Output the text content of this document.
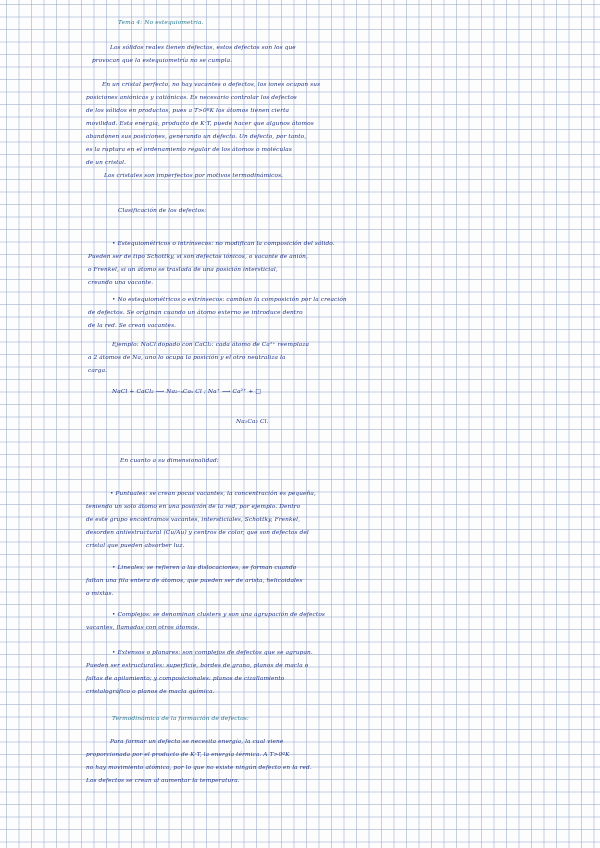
Tema 4: No estequiometria.
Los sólidos reales tienen defectos, estos defectos son los que
provocan que la estequiometría no se cumpla.
En un cristal perfecto, no hay vacantes o defectos, los iones ocupan sus
posiciones aniónicas y catiónicas. Es necesario controlar los defectos
de los sólidos en productos, pues a T>0ºK los átomos tienen cierta
movilidad. Esta energía, producto de K·T, puede hacer que algunos átomos
abandonen sus posiciones, generando un defecto. Un defecto, por tanto,
es la ruptura en el ordenamiento regular de los átomos o moléculas
de un cristal.
Los cristales son imperfectos por motivos termodinámicos.
Clasificación de los defectos:
• Estequiométricos o intrínsecos: no modifican la composición del sólido.
Pueden ser de tipo Schottky, si son defectos iónicos, o vacante de anión,
o Frenkel, si un átomo se traslada de una posición intersticial,
creando una vacante.
• No estequiométricos o extrínsecos: cambian la composición por la creación
de defectos. Se originan cuando un átomo externo se introduce dentro
de la red. Se crean vacantes.
Ejemplo: NaCl dopado con CaCl₂: cada átomo de Ca²⁺ reemplaza
a 2 átomos de Na, uno lo ocupa la posición y el otro neutraliza la
carga.
NaCl + CaCl₂ ⟶ Na₂₋ₓCaₓ Cl ; Na⁺ ⟶ Ca²⁺ + □
Na₁Ca₂ Cl.
En cuanto a su dimensionalidad:
• Puntuales: se crean pocas vacantes, la concentración es pequeña,
teniendo un solo átomo en una posición de la red, por ejemplo. Dentro
de este grupo encontramos vacantes, intersticiales, Schottky, Frenkel,
desorden antiestructural (Cu/Au) y centros de color, que son defectos del
cristal que pueden absorber luz.
• Lineales: se refieren a las dislocaciones, se forman cuando
faltan una fila entera de átomos, que pueden ser de arista, helicoidales
o mixtas.
• Complejos: se denominan clusters y son una agrupación de defectos
vacantes, llamadas con otros átomos.
• Extensos o planares: son complejos de defectos que se agrupan.
Pueden ser estructurales: superficie, bordes de grano, planos de macla o
faltas de apilamiento; y composicionales: planos de cizallamiento
cristalográfico o planos de macla química.
Termodinámica de la formación de defectos:
Para formar un defecto se necesita energía, la cual viene
proporcionada por el producto de K·T, la energía térmica. A T>0ºK
no hay movimiento atómico, por lo que no existe ningún defecto en la red.
Los defectos se crean al aumentar la temperatura.
